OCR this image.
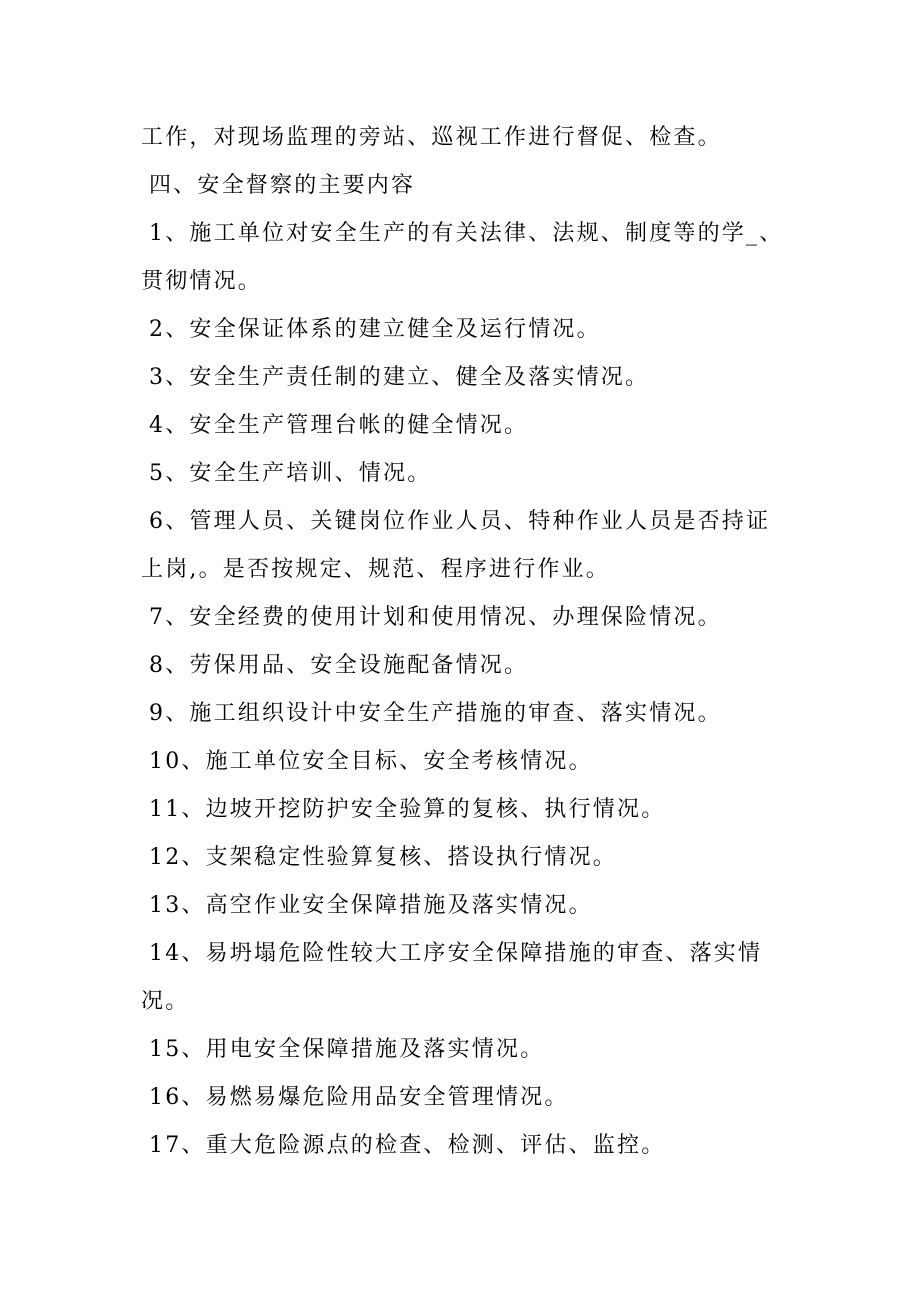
工作，对现场监理的旁站、巡视工作进行督促、检查。
四、安全督察的主要内容
1、施工单位对安全生产的有关法律、法规、制度等的学_、
贯彻情况。
2、安全保证体系的建立健全及运行情况。
3、安全生产责任制的建立、健全及落实情况。
4、安全生产管理台帐的健全情况。
5、安全生产培训、情况。
6、管理人员、关键岗位作业人员、特种作业人员是否持证
上岗,。是否按规定、规范、程序进行作业。
7、安全经费的使用计划和使用情况、办理保险情况。
8、劳保用品、安全设施配备情况。
9、施工组织设计中安全生产措施的审查、落实情况。
10、施工单位安全目标、安全考核情况。
11、边坡开挖防护安全验算的复核、执行情况。
12、支架稳定性验算复核、搭设执行情况。
13、高空作业安全保障措施及落实情况。
14、易坍塌危险性较大工序安全保障措施的审查、落实情
况。
15、用电安全保障措施及落实情况。
16、易燃易爆危险用品安全管理情况。
17、重大危险源点的检查、检测、评估、监控。
